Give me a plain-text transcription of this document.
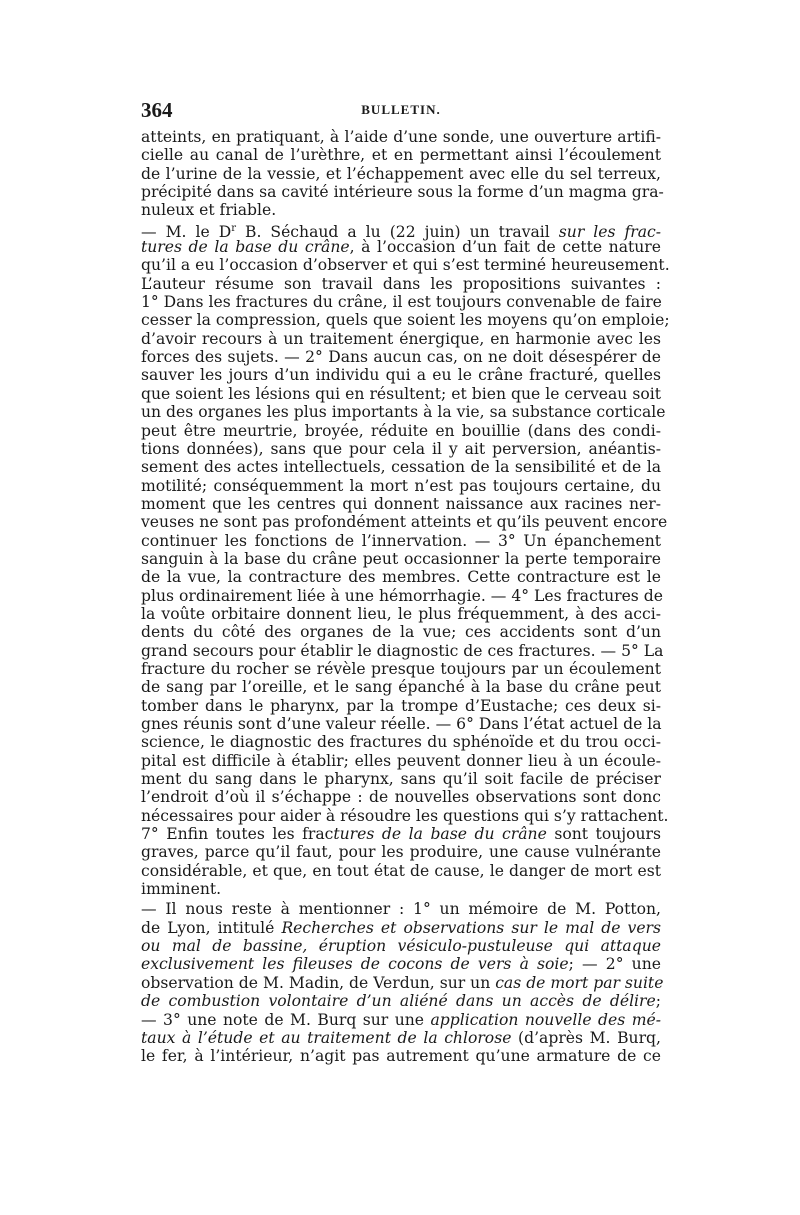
364	BULLETIN.
atteints, en pratiquant, à l’aide d’une sonde, une ouverture artifi-
cielle au canal de l’urèthre, et en permettant ainsi l’écoulement
de l’urine de la vessie, et l’échappement avec elle du sel terreux,
précipité dans sa cavité intérieure sous la forme d’un magma gra-
nuleux et friable.
— M. le $D^r$ B. Séchaud a lu (22 juin) un travail sur les frac-
tures de la base du crâne, à l’occasion d’un fait de cette nature
qu’il a eu l’occasion d’observer et qui s’est terminé heureusement.
L’auteur résume son travail dans les propositions suivantes :
1° Dans les fractures du crâne, il est toujours convenable de faire
cesser la compression, quels que soient les moyens qu’on emploie;
d’avoir recours à un traitement énergique, en harmonie avec les
forces des sujets. — 2° Dans aucun cas, on ne doit désespérer de
sauver les jours d’un individu qui a eu le crâne fracturé, quelles
que soient les lésions qui en résultent; et bien que le cerveau soit
un des organes les plus importants à la vie, sa substance corticale
peut être meurtrie, broyée, réduite en bouillie (dans des condi-
tions données), sans que pour cela il y ait perversion, anéantis-
sement des actes intellectuels, cessation de la sensibilité et de la
motilité; conséquemment la mort n’est pas toujours certaine, du
moment que les centres qui donnent naissance aux racines ner-
veuses ne sont pas profondément atteints et qu’ils peuvent encore
continuer les fonctions de l’innervation. — 3° Un épanchement
sanguin à la base du crâne peut occasionner la perte temporaire
de la vue, la contracture des membres. Cette contracture est le
plus ordinairement liée à une hémorrhagie. — 4° Les fractures de
la voûte orbitaire donnent lieu, le plus fréquemment, à des acci-
dents du côté des organes de la vue; ces accidents sont d’un
grand secours pour établir le diagnostic de ces fractures. — 5° La
fracture du rocher se révèle presque toujours par un écoulement
de sang par l’oreille, et le sang épanché à la base du crâne peut
tomber dans le pharynx, par la trompe d’Eustache; ces deux si-
gnes réunis sont d’une valeur réelle. — 6° Dans l’état actuel de la
science, le diagnostic des fractures du sphénoïde et du trou occi-
pital est difficile à établir; elles peuvent donner lieu à un écoule-
ment du sang dans le pharynx, sans qu’il soit facile de préciser
l’endroit d’où il s’échappe : de nouvelles observations sont donc
nécessaires pour aider à résoudre les questions qui s’y rattachent.
7° Enfin toutes les fractures de la base du crâne sont toujours
graves, parce qu’il faut, pour les produire, une cause vulnérante
considérable, et que, en tout état de cause, le danger de mort est
imminent.
— Il nous reste à mentionner : 1° un mémoire de M. Potton,
de Lyon, intitulé Recherches et observations sur le mal de vers
ou mal de bassine, éruption vésiculo-pustuleuse qui attaque
exclusivement les fileuses de cocons de vers à soie; — 2° une
observation de M. Madin, de Verdun, sur un cas de mort par suite
de combustion volontaire d’un aliéné dans un accès de délire;
— 3° une note de M. Burq sur une application nouvelle des mé-
taux à l’étude et au traitement de la chlorose (d’après M. Burq,
le fer, à l’intérieur, n’agit pas autrement qu’une armature de ce
